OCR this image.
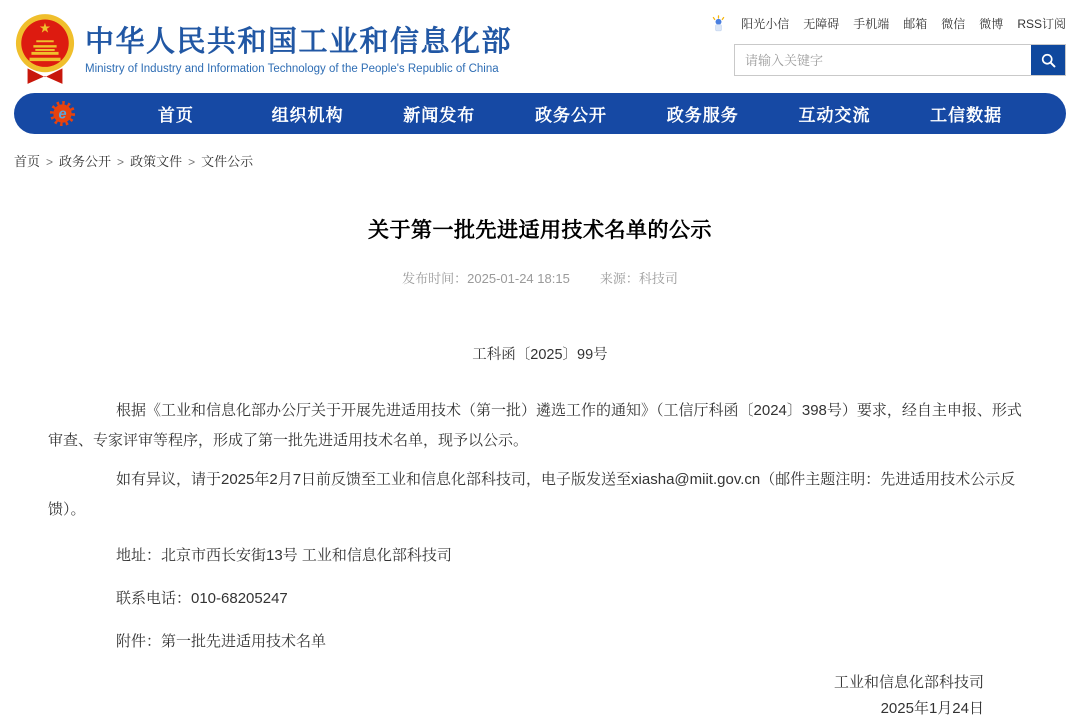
★ 中华人民共和国工业和信息化部
Ministry of Industry and Information Technology of the People's Republic of China
阳光小信 无障碍 手机端 邮箱 微信 微博 RSS订阅
请输入关键字
e	首页	组织机构	新闻发布	政务公开	政务服务	互动交流	工信数据
首页 > 政务公开 > 政策文件 > 文件公示
关于第一批先进适用技术名单的公示
发布时间：2025-01-24 18:15 来源：科技司
工科函〔2025〕99号

根据《工业和信息化部办公厅关于开展先进适用技术（第一批）遴选工作的通知》（工信厅科函〔2024〕398号）要求，经自主申报、形式审查、专家评审等程序，形成了第一批先进适用技术名单，现予以公示。

如有异议，请于2025年2月7日前反馈至工业和信息化部科技司，电子版发送至xiasha@miit.gov.cn（邮件主题注明：先进适用技术公示反馈）。

地址：北京市西长安街13号 工业和信息化部科技司

联系电话：010-68205247

附件：第一批先进适用技术名单

工业和信息化部科技司
2025年1月24日
